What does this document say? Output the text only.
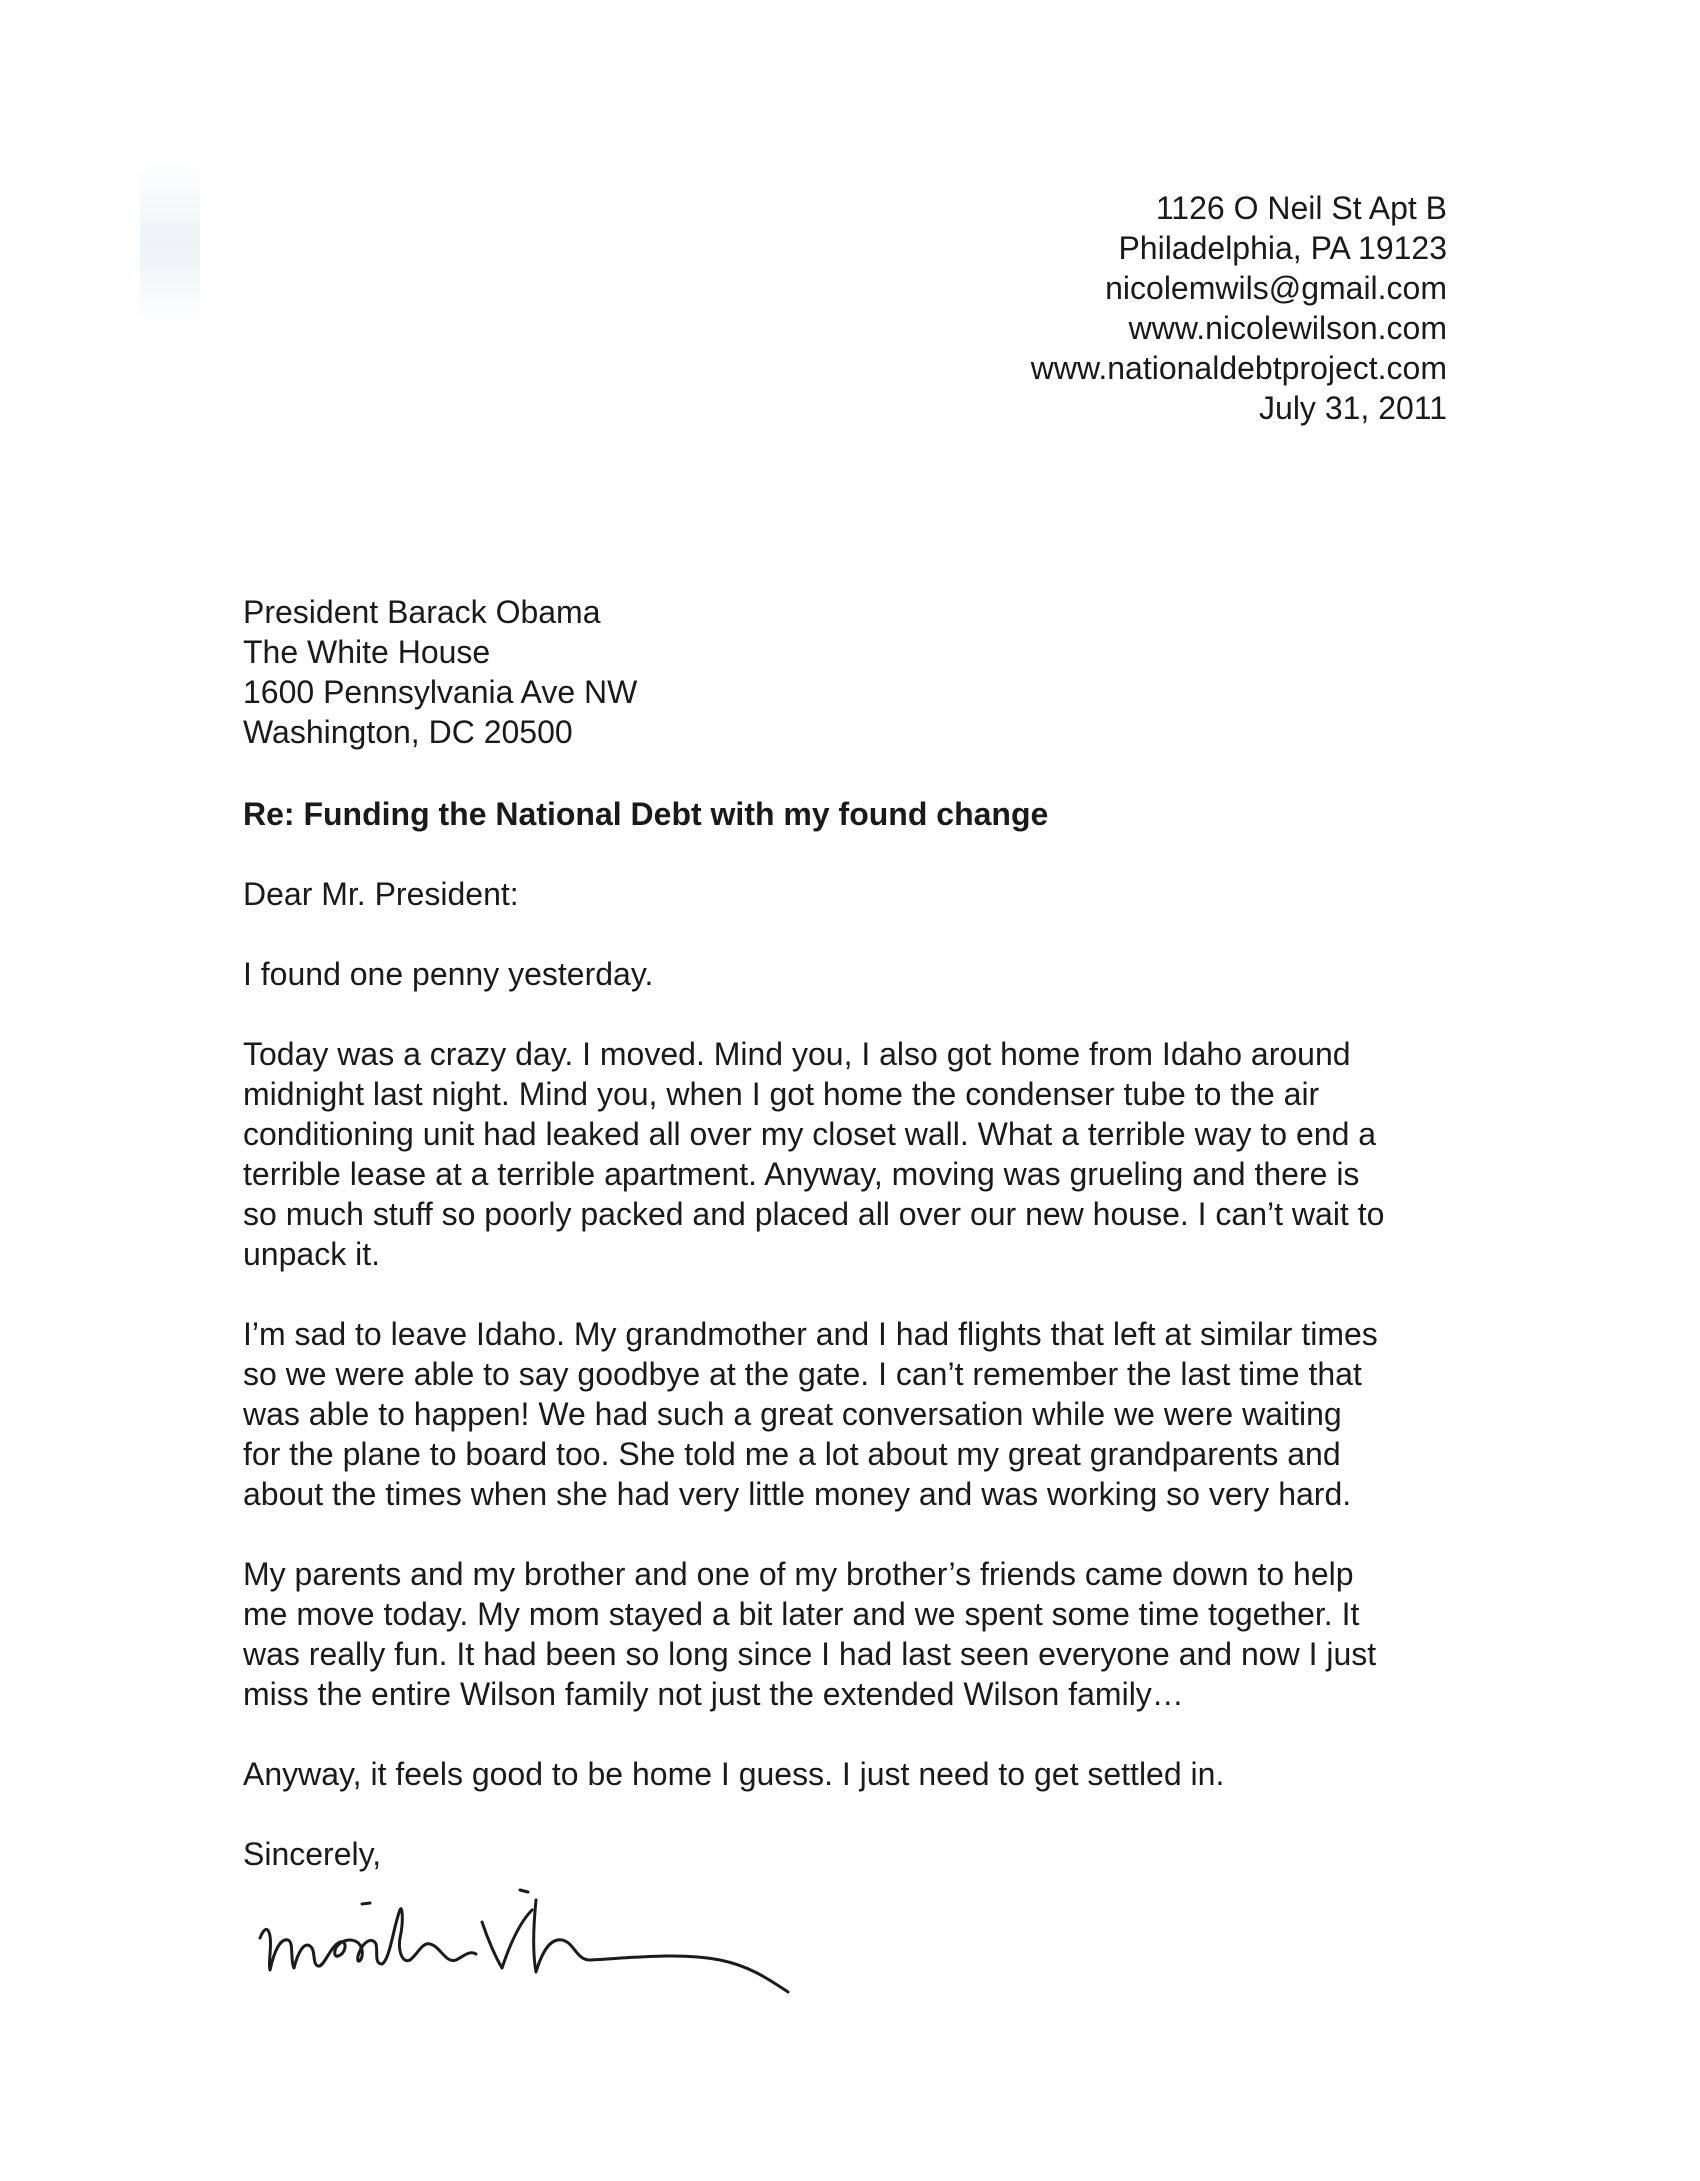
1126 O Neil St Apt B
Philadelphia, PA 19123
nicolemwils@gmail.com
www.nicolewilson.com
www.nationaldebtproject.com
July 31, 2011
President Barack Obama
The White House
1600 Pennsylvania Ave NW
Washington, DC 20500
Re: Funding the National Debt with my found change
Dear Mr. President:
I found one penny yesterday.
Today was a crazy day. I moved. Mind you, I also got home from Idaho around
midnight last night. Mind you, when I got home the condenser tube to the air
conditioning unit had leaked all over my closet wall. What a terrible way to end a
terrible lease at a terrible apartment. Anyway, moving was grueling and there is
so much stuff so poorly packed and placed all over our new house. I can’t wait to
unpack it.
I’m sad to leave Idaho. My grandmother and I had flights that left at similar times
so we were able to say goodbye at the gate. I can’t remember the last time that
was able to happen! We had such a great conversation while we were waiting
for the plane to board too. She told me a lot about my great grandparents and
about the times when she had very little money and was working so very hard.
My parents and my brother and one of my brother’s friends came down to help
me move today. My mom stayed a bit later and we spent some time together. It
was really fun. It had been so long since I had last seen everyone and now I just
miss the entire Wilson family not just the extended Wilson family…
Anyway, it feels good to be home I guess. I just need to get settled in.
Sincerely,
